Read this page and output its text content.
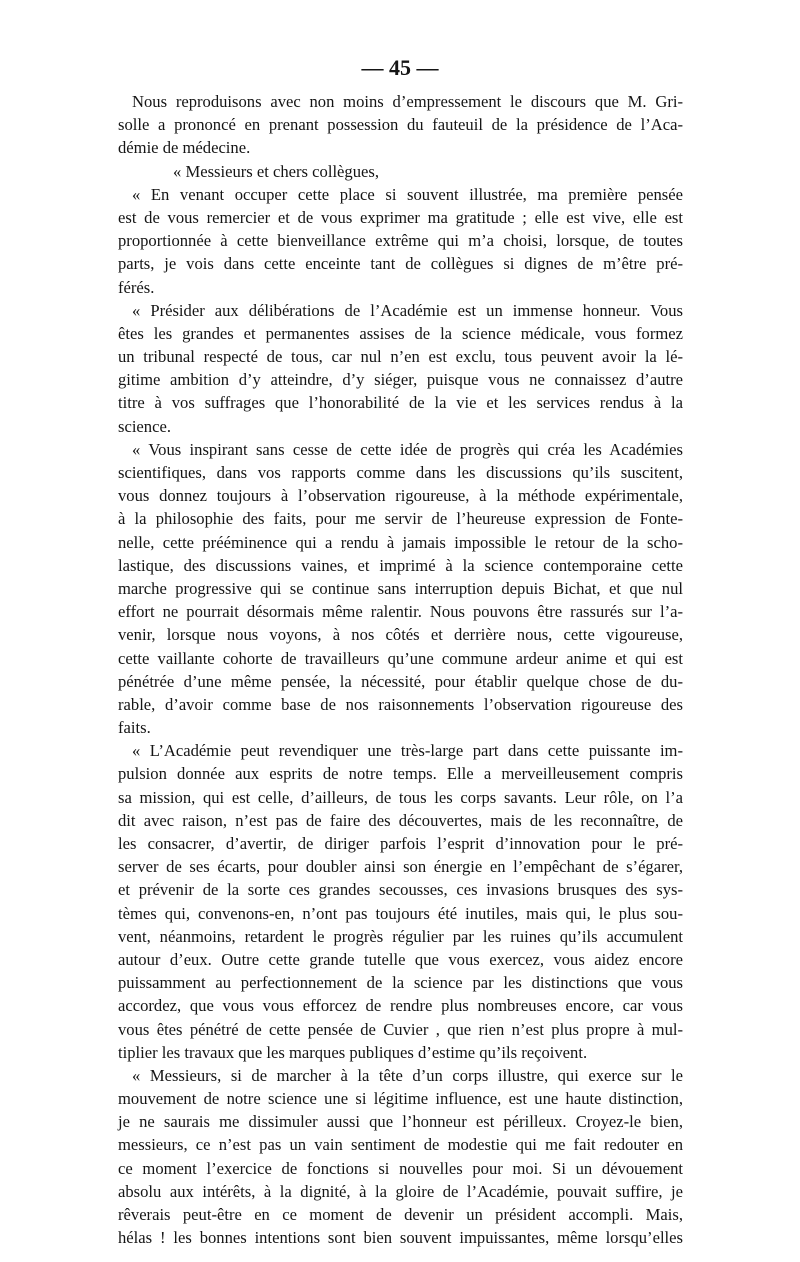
— 45 —
Nous reproduisons avec non moins d’empressement le discours que M. Gri-
solle a prononcé en prenant possession du fauteuil de la présidence de l’Aca-
démie de médecine.
« Messieurs et chers collègues,
« En venant occuper cette place si souvent illustrée, ma première pensée
est de vous remercier et de vous exprimer ma gratitude ; elle est vive, elle est
proportionnée à cette bienveillance extrême qui m’a choisi, lorsque, de toutes
parts, je vois dans cette enceinte tant de collègues si dignes de m’être pré-
férés.
« Présider aux délibérations de l’Académie est un immense honneur. Vous
êtes les grandes et permanentes assises de la science médicale, vous formez
un tribunal respecté de tous, car nul n’en est exclu, tous peuvent avoir la lé-
gitime ambition d’y atteindre, d’y siéger, puisque vous ne connaissez d’autre
titre à vos suffrages que l’honorabilité de la vie et les services rendus à la
science.
« Vous inspirant sans cesse de cette idée de progrès qui créa les Académies
scientifiques, dans vos rapports comme dans les discussions qu’ils suscitent,
vous donnez toujours à l’observation rigoureuse, à la méthode expérimentale,
à la philosophie des faits, pour me servir de l’heureuse expression de Fonte-
nelle, cette prééminence qui a rendu à jamais impossible le retour de la scho-
lastique, des discussions vaines, et imprimé à la science contemporaine cette
marche progressive qui se continue sans interruption depuis Bichat, et que nul
effort ne pourrait désormais même ralentir. Nous pouvons être rassurés sur l’a-
venir, lorsque nous voyons, à nos côtés et derrière nous, cette vigoureuse,
cette vaillante cohorte de travailleurs qu’une commune ardeur anime et qui est
pénétrée d’une même pensée, la nécessité, pour établir quelque chose de du-
rable, d’avoir comme base de nos raisonnements l’observation rigoureuse des
faits.
« L’Académie peut revendiquer une très-large part dans cette puissante im-
pulsion donnée aux esprits de notre temps. Elle a merveilleusement compris
sa mission, qui est celle, d’ailleurs, de tous les corps savants. Leur rôle, on l’a
dit avec raison, n’est pas de faire des découvertes, mais de les reconnaître, de
les consacrer, d’avertir, de diriger parfois l’esprit d’innovation pour le pré-
server de ses écarts, pour doubler ainsi son énergie en l’empêchant de s’égarer,
et prévenir de la sorte ces grandes secousses, ces invasions brusques des sys-
tèmes qui, convenons-en, n’ont pas toujours été inutiles, mais qui, le plus sou-
vent, néanmoins, retardent le progrès régulier par les ruines qu’ils accumulent
autour d’eux. Outre cette grande tutelle que vous exercez, vous aidez encore
puissamment au perfectionnement de la science par les distinctions que vous
accordez, que vous vous efforcez de rendre plus nombreuses encore, car vous
vous êtes pénétré de cette pensée de Cuvier , que rien n’est plus propre à mul-
tiplier les travaux que les marques publiques d’estime qu’ils reçoivent.
« Messieurs, si de marcher à la tête d’un corps illustre, qui exerce sur le
mouvement de notre science une si légitime influence, est une haute distinction,
je ne saurais me dissimuler aussi que l’honneur est périlleux. Croyez-le bien,
messieurs, ce n’est pas un vain sentiment de modestie qui me fait redouter en
ce moment l’exercice de fonctions si nouvelles pour moi. Si un dévouement
absolu aux intérêts, à la dignité, à la gloire de l’Académie, pouvait suffire, je
rêverais peut-être en ce moment de devenir un président accompli. Mais,
hélas ! les bonnes intentions sont bien souvent impuissantes, même lorsqu’elles
